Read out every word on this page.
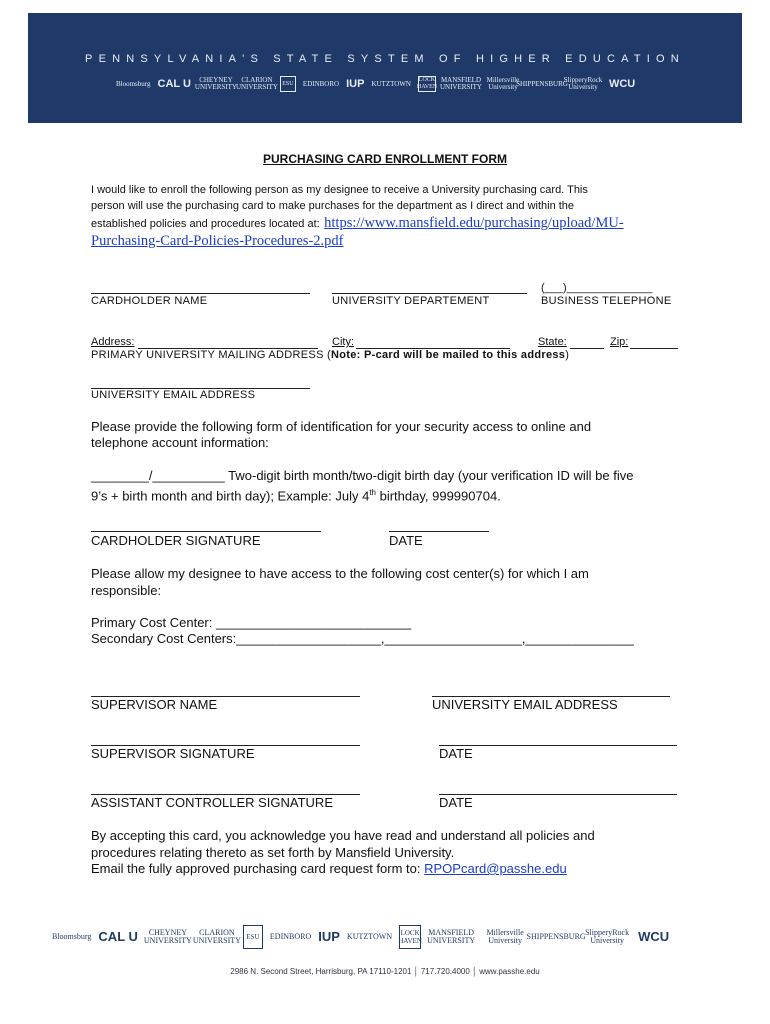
PENNSYLVANIA'S STATE SYSTEM OF HIGHER EDUCATION
Bloomsburg CAL U CHEYNEY UNIVERSITY
CLARION UNIVERSITY ESU	EDINBORO IUP KUTZTOWN LOCK HAVEN
MANSFIELD UNIVERSITY
Millersville University
SHIPPENSBURG
SlipperyRock University	WCU
PURCHASING CARD ENROLLMENT FORM
I would like to enroll the following person as my designee to receive a University purchasing card. This
person will use the purchasing card to make purchases for the department as I direct and within the
established policies and procedures located at: https://www.mansfield.edu/purchasing/upload/MU-
Purchasing-Card-Policies-Procedures-2.pdf
(___)______________
CARDHOLDER NAME	UNIVERSITY DEPARTEMENT	BUSINESS TELEPHONE
Address:	City:	State:	Zip:
PRIMARY UNIVERSITY MAILING ADDRESS (Note: P-card will be mailed to this address)
UNIVERSITY EMAIL ADDRESS
Please provide the following form of identification for your security access to online and
telephone account information:
________/__________ Two-digit birth month/two-digit birth day (your verification ID will be five
9’s + birth month and birth day); Example: July 4th birthday, 999990704.
CARDHOLDER SIGNATURE	DATE
Please allow my designee to have access to the following cost center(s) for which I am
responsible:
Primary Cost Center: ___________________________
Secondary Cost Centers:____________________,___________________,_______________
SUPERVISOR NAME	UNIVERSITY EMAIL ADDRESS
SUPERVISOR SIGNATURE	DATE
ASSISTANT CONTROLLER SIGNATURE	DATE
By accepting this card, you acknowledge you have read and understand all policies and
procedures relating thereto as set forth by Mansfield University.
Email the fully approved purchasing card request form to: RPOPcard@passhe.edu
Bloomsburg CAL U	CHEYNEY UNIVERSITY
CLARION UNIVERSITY ESU	EDINBORO IUP KUTZTOWN LOCK HAVEN
MANSFIELD UNIVERSITY
Millersville University SHIPPENSBURG SlipperyRock University	WCU
2986 N. Second Street, Harrisburg, PA 17110-1201 │ 717.720.4000 │ www.passhe.edu
